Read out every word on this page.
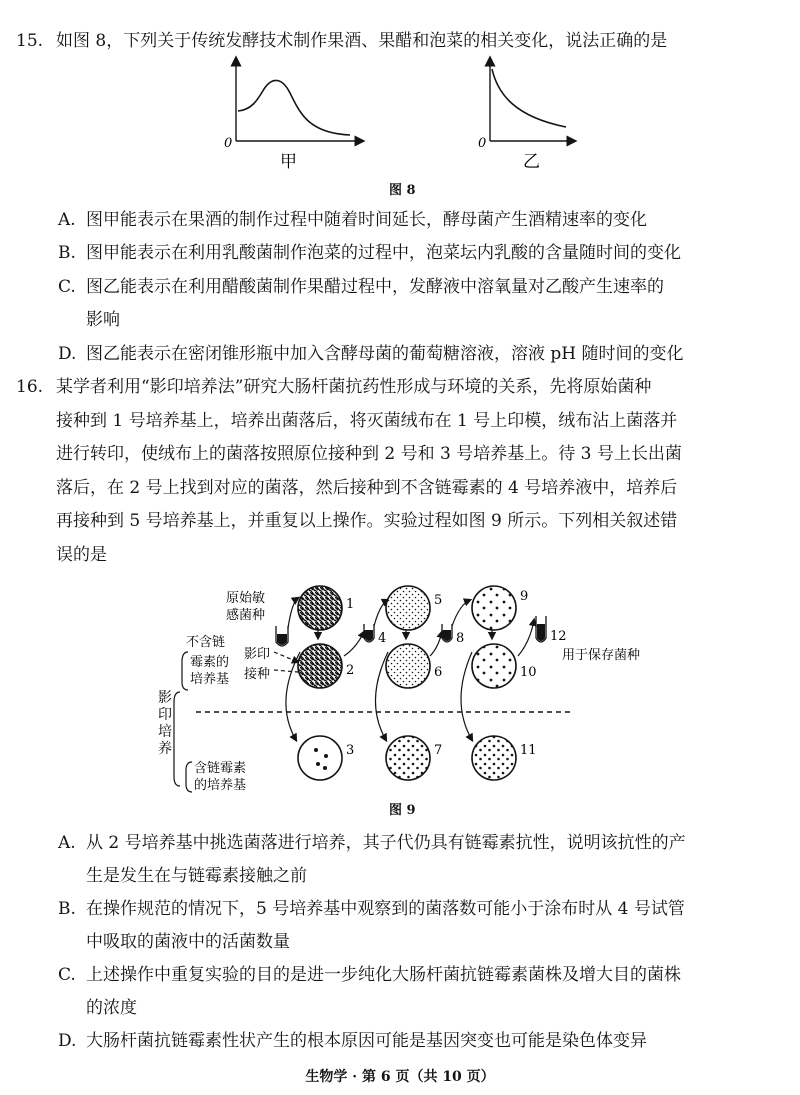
15. 如图 8，下列关于传统发酵技术制作果酒、果醋和泡菜的相关变化，说法正确的是
0
甲
0
乙
图 8
A. 图甲能表示在果酒的制作过程中随着时间延长，酵母菌产生酒精速率的变化
B. 图甲能表示在利用乳酸菌制作泡菜的过程中，泡菜坛内乳酸的含量随时间的变化
C. 图乙能表示在利用醋酸菌制作果醋过程中，发酵液中溶氧量对乙酸产生速率的
影响
D. 图乙能表示在密闭锥形瓶中加入含酵母菌的葡萄糖溶液，溶液 pH 随时间的变化
16. 某学者利用“影印培养法”研究大肠杆菌抗药性形成与环境的关系，先将原始菌种
接种到 1 号培养基上，培养出菌落后，将灭菌绒布在 1 号上印模，绒布沾上菌落并
进行转印，使绒布上的菌落按照原位接种到 2 号和 3 号培养基上。待 3 号上长出菌
落后，在 2 号上找到对应的菌落，然后接种到不含链霉素的 4 号培养液中，培养后
再接种到 5 号培养基上，并重复以上操作。实验过程如图 9 所示。下列相关叙述错
误的是
原始敏
感菌种
不含链
霉素的
培养基
影印
接种
影
印
培
养
含链霉素
的培养基
用于保存菌种
1
2
3
4
5
6
7
8
9
10
11
12
图 9
A. 从 2 号培养基中挑选菌落进行培养，其子代仍具有链霉素抗性，说明该抗性的产
生是发生在与链霉素接触之前
B. 在操作规范的情况下，5 号培养基中观察到的菌落数可能小于涂布时从 4 号试管
中吸取的菌液中的活菌数量
C. 上述操作中重复实验的目的是进一步纯化大肠杆菌抗链霉素菌株及增大目的菌株
的浓度
D. 大肠杆菌抗链霉素性状产生的根本原因可能是基因突变也可能是染色体变异
生物学 · 第 6 页（共 10 页）
